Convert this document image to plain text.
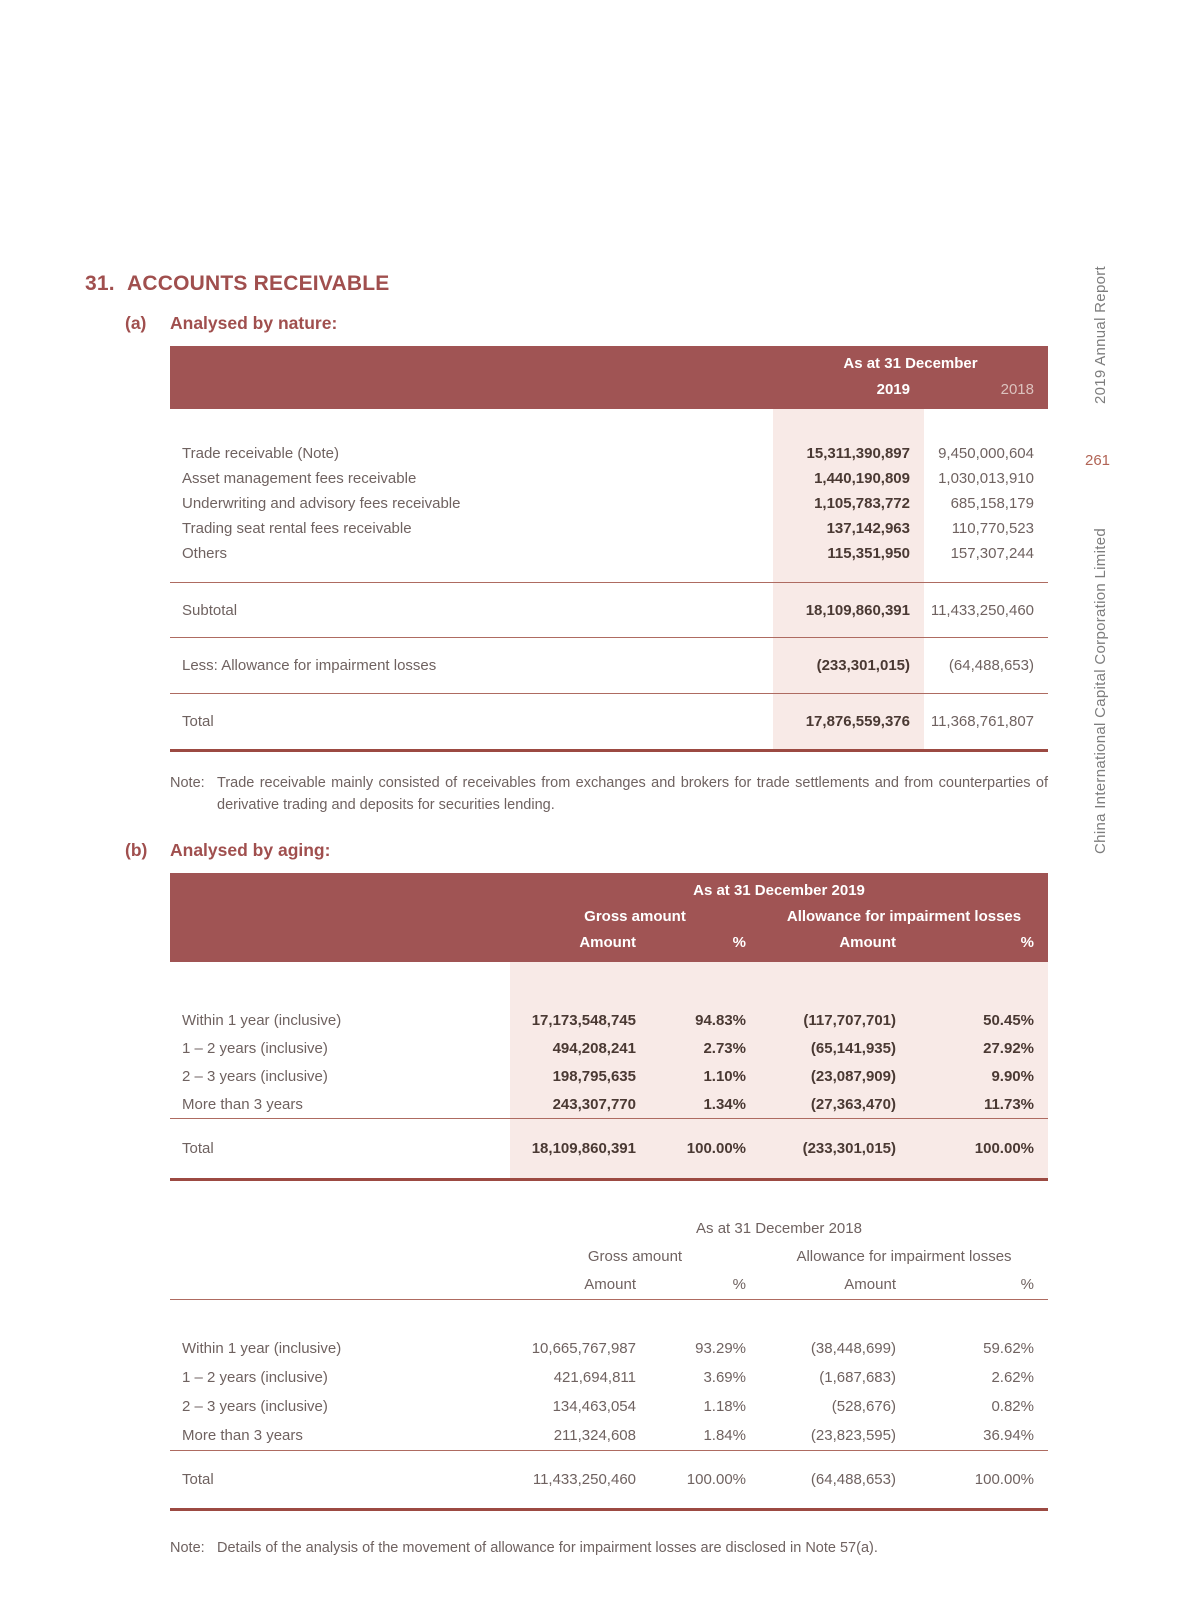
31. ACCOUNTS RECEIVABLE
(a)	Analysed by nature:
As at 31 December
2019	2018
Trade receivable (Note)	15,311,390,897	9,450,000,604
Asset management fees receivable	1,440,190,809	1,030,013,910
Underwriting and advisory fees receivable	1,105,783,772	685,158,179
Trading seat rental fees receivable	137,142,963	110,770,523
Others	115,351,950	157,307,244
Subtotal	18,109,860,391	11,433,250,460
Less: Allowance for impairment losses	(233,301,015)	(64,488,653)
Total	17,876,559,376	11,368,761,807
Note: Trade receivable mainly consisted of receivables from exchanges and brokers for trade settlements and from counterparties of derivative trading and deposits for securities lending.
(b)	Analysed by aging:
As at 31 December 2019
Gross amount	Allowance for impairment losses
Amount	%	Amount	%
Within 1 year (inclusive)	17,173,548,745	94.83%	(117,707,701)	50.45%
1 – 2 years (inclusive)	494,208,241	2.73%	(65,141,935)	27.92%
2 – 3 years (inclusive)	198,795,635	1.10%	(23,087,909)	9.90%
More than 3 years	243,307,770	1.34%	(27,363,470)	11.73%
Total	18,109,860,391	100.00%	(233,301,015)	100.00%
As at 31 December 2018
Gross amount	Allowance for impairment losses
Amount	%	Amount	%
Within 1 year (inclusive)	10,665,767,987	93.29%	(38,448,699)	59.62%
1 – 2 years (inclusive)	421,694,811	3.69%	(1,687,683)	2.62%
2 – 3 years (inclusive)	134,463,054	1.18%	(528,676)	0.82%
More than 3 years	211,324,608	1.84%	(23,823,595)	36.94%
Total	11,433,250,460	100.00%	(64,488,653)	100.00%
Note: Details of the analysis of the movement of allowance for impairment losses are disclosed in Note 57(a).
2019 Annual Report
261
China International Capital Corporation Limited
